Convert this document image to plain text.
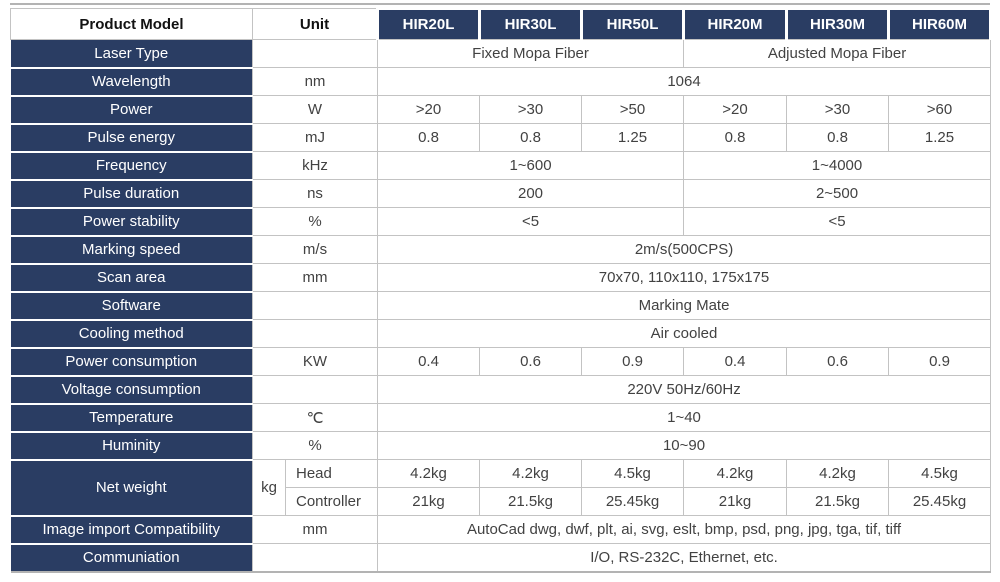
Product Model	Unit		HIR20L	HIR30L	HIR50L	HIR20M	HIR30M	HIR60M
Laser Type			Fixed Mopa Fiber			Adjusted Mopa Fiber		
Wavelength	nm		1064					
Power	W		>20	>30	>50	>20	>30	>60
Pulse energy	mJ		0.8	0.8	1.25	0.8	0.8	1.25
Frequency	kHz		1~600			1~4000		
Pulse duration	ns		200			2~500		
Power stability	%		<5			<5		
Marking speed	m/s		2m/s(500CPS)					
Scan area	mm		70x70, 110x110, 175x175					
Software			Marking Mate					
Cooling method			Air cooled					
Power consumption	KW		0.4	0.6	0.9	0.4	0.6	0.9
Voltage consumption			220V 50Hz/60Hz					
Temperature	℃		1~40					
Huminity	%		10~90					
Net weight	kg	Head	4.2kg	4.2kg	4.5kg	4.2kg	4.2kg	4.5kg
		Controller	21kg	21.5kg	25.45kg	21kg	21.5kg	25.45kg
Image import Compatibility	mm		AutoCad dwg, dwf, plt, ai, svg, eslt, bmp, psd, png, jpg, tga, tif, tiff					
Communiation			I/O, RS-232C, Ethernet, etc.					
